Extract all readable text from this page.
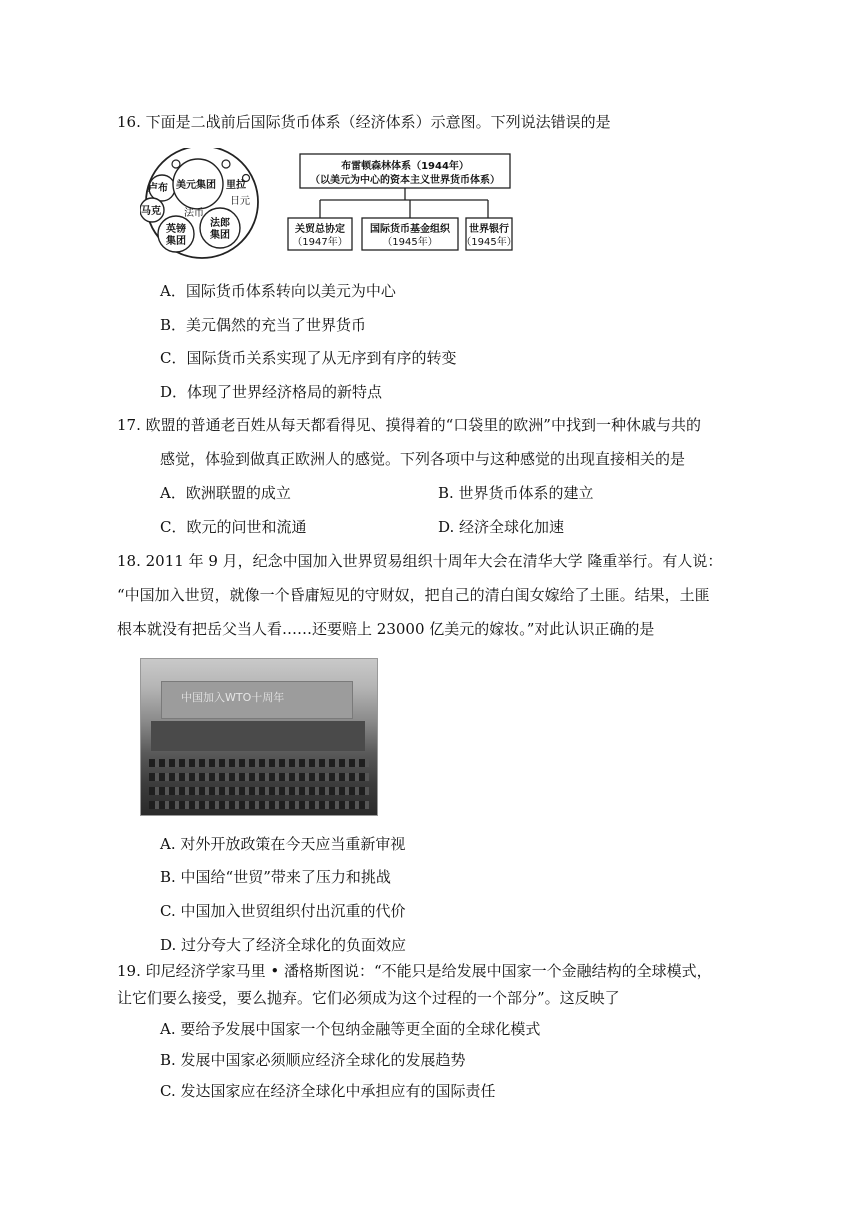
16. 下面是二战前后国际货币体系（经济体系）示意图。下列说法错误的是
卢布 美元集团 里拉
日元
马克 法币
英镑
集团
法郎
集团
布雷顿森林体系（1944年）
（以美元为中心的资本主义世界货币体系）
关贸总协定
（1947年）
国际货币基金组织
（1945年）
世界银行
（1945年）
A．国际货币体系转向以美元为中心
B．美元偶然的充当了世界货币
C．国际货币关系实现了从无序到有序的转变
D．体现了世界经济格局的新特点
17. 欧盟的普通老百姓从每天都看得见、摸得着的“口袋里的欧洲”中找到一种休戚与共的
感觉，体验到做真正欧洲人的感觉。下列各项中与这种感觉的出现直接相关的是
A．欧洲联盟的成立	B. 世界货币体系的建立
C．欧元的问世和流通	D. 经济全球化加速
18. 2011 年 9 月，纪念中国加入世界贸易组织十周年大会在清华大学 隆重举行。有人说：
“中国加入世贸，就像一个昏庸短见的守财奴，把自己的清白闺女嫁给了土匪。结果，土匪
根本就没有把岳父当人看……还要赔上 23000 亿美元的嫁妆。”对此认识正确的是
中国加入WTO十周年
A. 对外开放政策在今天应当重新审视
B. 中国给“世贸”带来了压力和挑战
C. 中国加入世贸组织付出沉重的代价
D. 过分夸大了经济全球化的负面效应
19. 印尼经济学家马里 • 潘格斯图说：“不能只是给发展中国家一个金融结构的全球模式，
让它们要么接受，要么抛弃。它们必须成为这个过程的一个部分”。这反映了
A. 要给予发展中国家一个包纳金融等更全面的全球化模式
B. 发展中国家必须顺应经济全球化的发展趋势
C. 发达国家应在经济全球化中承担应有的国际责任
